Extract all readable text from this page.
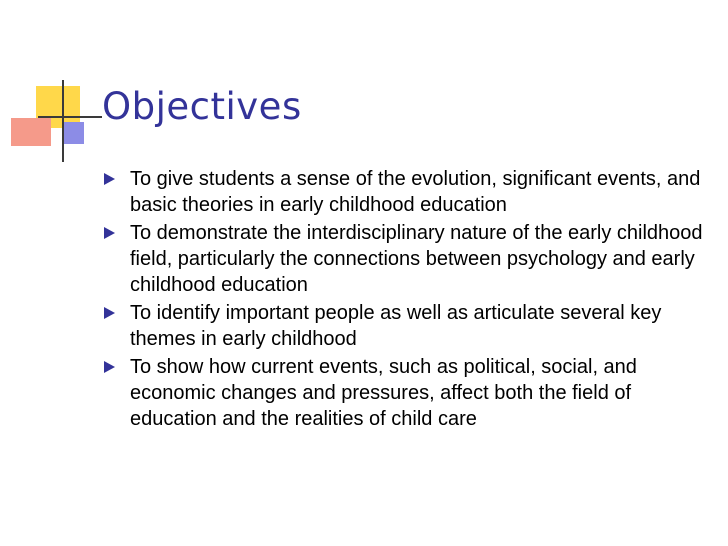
Objectives
To give students a sense of the evolution, significant events, and basic theories in early childhood education
To demonstrate the interdisciplinary nature of the early childhood field, particularly the connections between psychology and early childhood education
To identify important people as well as articulate several key themes in early childhood
To show how current events, such as political, social, and economic changes and pressures, affect both the field of education and the realities of child care
